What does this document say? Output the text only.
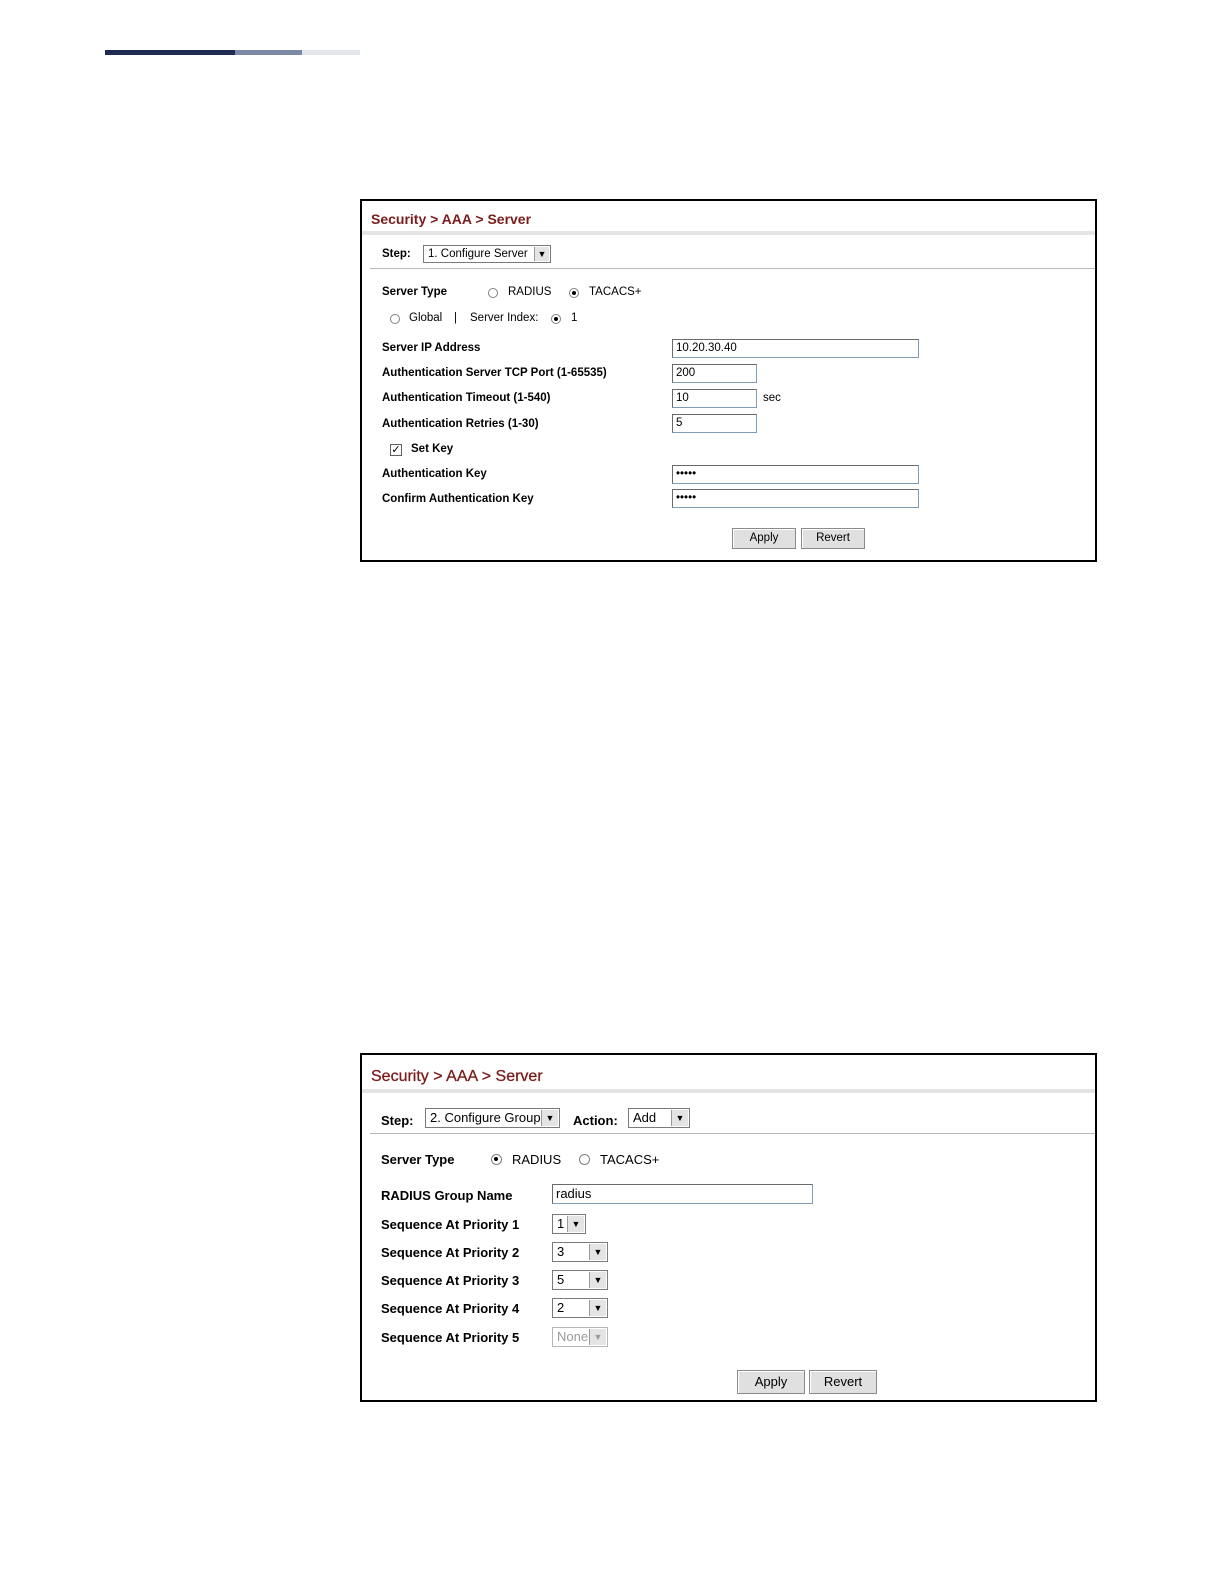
Security > AAA > Server
Step:	1. Configure Server	▼
Server Type	RADIUS	TACACS+
Global | Server Index:	1
Server IP Address	10.20.30.40
Authentication Server TCP Port (1-65535)	200
Authentication Timeout (1-540)	10	sec
Authentication Retries (1-30)	5
✓ Set Key
Authentication Key	•••••
Confirm Authentication Key	•••••
Apply	Revert
Security > AAA > Server
Step:	2. Configure Group ▼ Action:	Add	▼
Server Type	RADIUS	TACACS+
RADIUS Group Name	radius
Sequence At Priority 1	1 ▼
Sequence At Priority 2	3	▼
Sequence At Priority 3	5	▼
Sequence At Priority 4	2	▼
Sequence At Priority 5	None ▼
Apply	Revert
